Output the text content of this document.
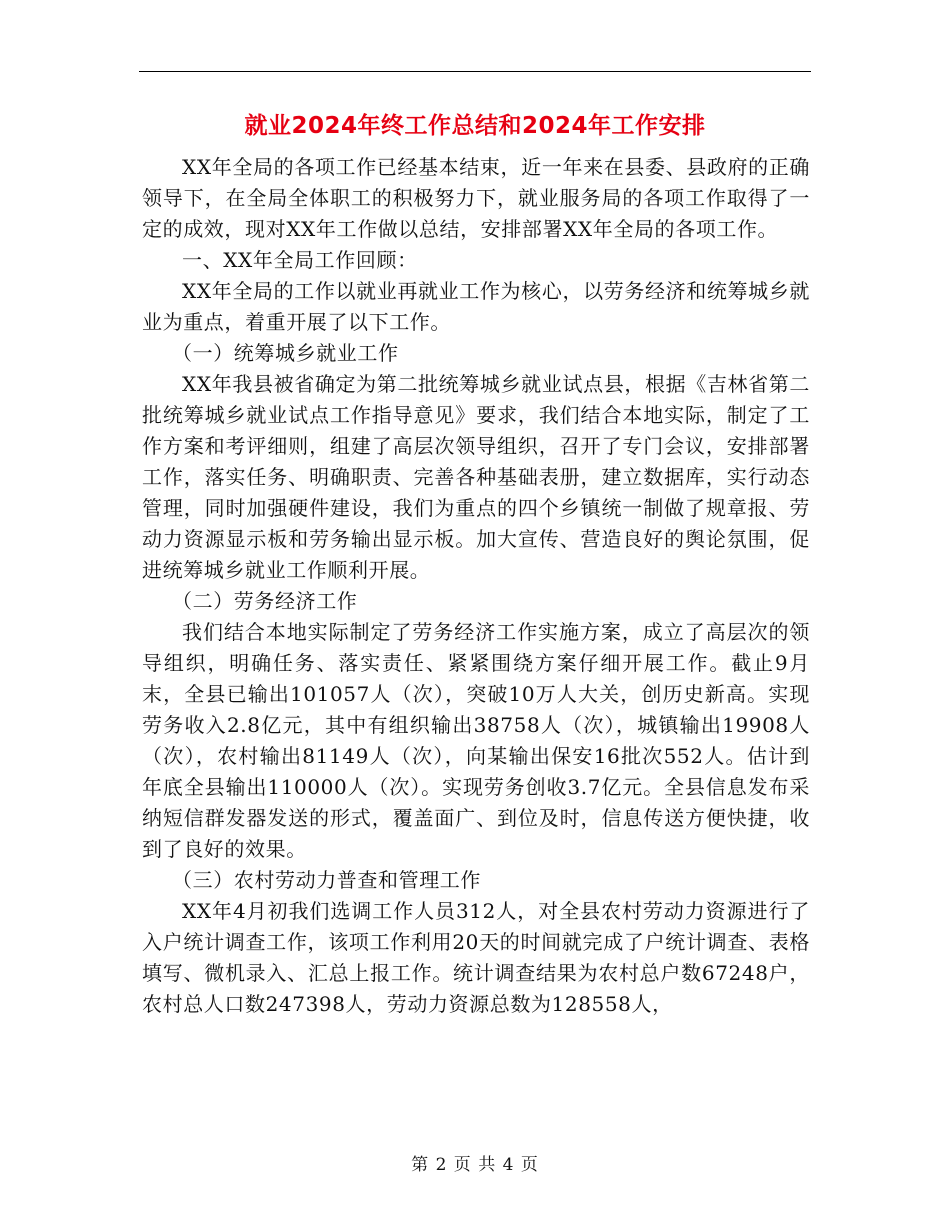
就业2024年终工作总结和2024年工作安排

XX年全局的各项工作已经基本结束，近一年来在县委、县政府的正确领导下，在全局全体职工的积极努力下，就业服务局的各项工作取得了一定的成效，现对XX年工作做以总结，安排部署XX年全局的各项工作。

一、XX年全局工作回顾：

XX年全局的工作以就业再就业工作为核心，以劳务经济和统筹城乡就业为重点，着重开展了以下工作。

（一）统筹城乡就业工作

XX年我县被省确定为第二批统筹城乡就业试点县，根据《吉林省第二批统筹城乡就业试点工作指导意见》要求，我们结合本地实际，制定了工作方案和考评细则，组建了高层次领导组织，召开了专门会议，安排部署工作，落实任务、明确职责、完善各种基础表册，建立数据库，实行动态管理，同时加强硬件建设，我们为重点的四个乡镇统一制做了规章报、劳动力资源显示板和劳务输出显示板。加大宣传、营造良好的舆论氛围，促进统筹城乡就业工作顺利开展。

（二）劳务经济工作

我们结合本地实际制定了劳务经济工作实施方案，成立了高层次的领导组织，明确任务、落实责任、紧紧围绕方案仔细开展工作。截止9月末，全县已输出101057人（次），突破10万人大关，创历史新高。实现劳务收入2.8亿元，其中有组织输出38758人（次），城镇输出19908人（次），农村输出81149人（次），向某输出保安16批次552人。估计到年底全县输出110000人（次）。实现劳务创收3.7亿元。全县信息发布采纳短信群发器发送的形式，覆盖面广、到位及时，信息传送方便快捷，收到了良好的效果。

（三）农村劳动力普查和管理工作

XX年4月初我们选调工作人员312人，对全县农村劳动力资源进行了入户统计调查工作，该项工作利用20天的时间就完成了户统计调查、表格填写、微机录入、汇总上报工作。统计调查结果为农村总户数67248户，农村总人口数247398人，劳动力资源总数为128558人，

第 2 页 共 4 页
